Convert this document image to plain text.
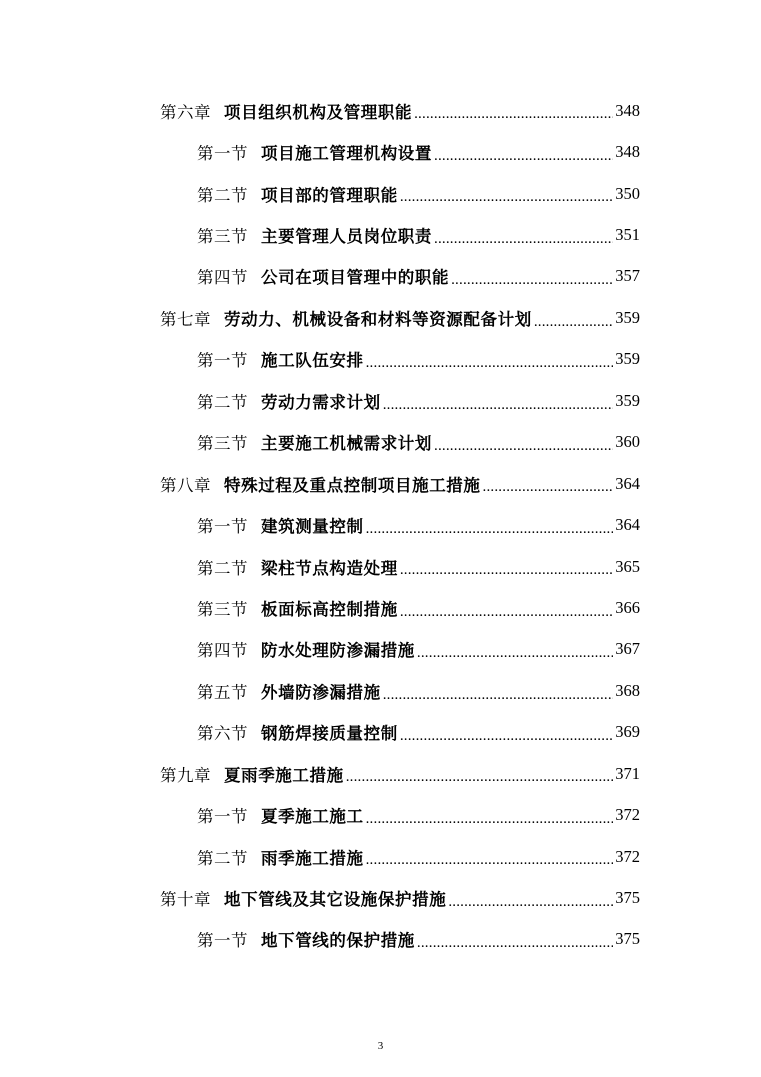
第六章 项目组织机构及管理职能 .....	348
第一节 项目施工管理机构设置 .....	348
第二节 项目部的管理职能 .....	350
第三节 主要管理人员岗位职责 .....	351
第四节 公司在项目管理中的职能 .....	357
第七章 劳动力、机械设备和材料等资源配备计划 .....	359
第一节 施工队伍安排 .....	359
第二节 劳动力需求计划 .....	359
第三节 主要施工机械需求计划 .....	360
第八章 特殊过程及重点控制项目施工措施 .....	364
第一节 建筑测量控制 .....	364
第二节 梁柱节点构造处理 .....	365
第三节 板面标高控制措施 .....	366
第四节 防水处理防渗漏措施 .....	367
第五节 外墙防渗漏措施 .....	368
第六节 钢筋焊接质量控制 .....	369
第九章 夏雨季施工措施 .....	371
第一节 夏季施工施工 .....	372
第二节 雨季施工措施 .....	372
第十章 地下管线及其它设施保护措施 .....	375
第一节 地下管线的保护措施 .....	375
3
